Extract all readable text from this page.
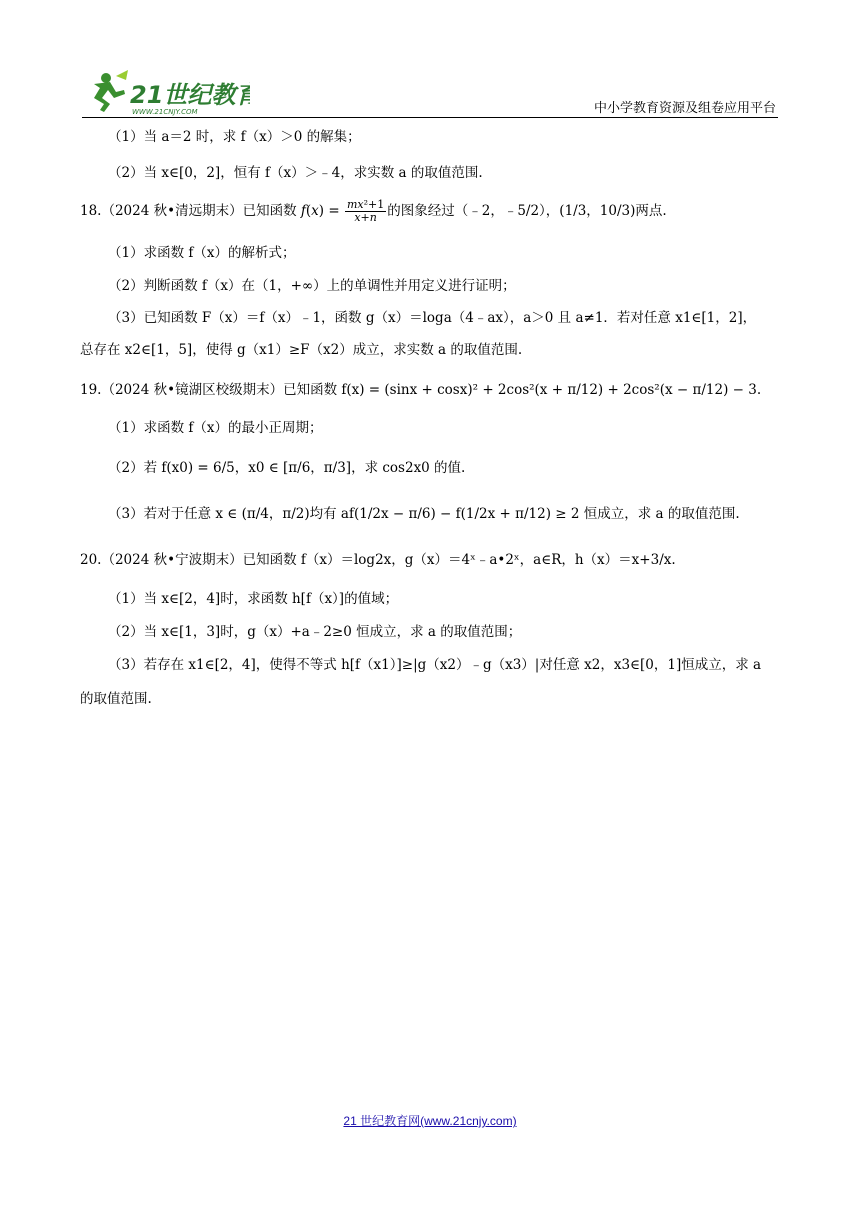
21世纪教育
WWW.21CNJY.COM	中小学教育资源及组卷应用平台
（1）当 a＝2 时，求 f（x）＞0 的解集；
（2）当 x∈[0，2]，恒有 f（x）＞﹣4，求实数 a 的取值范围.
18.（2024 秋•清远期末）已知函数 $f(x) = \frac{\text{mx²+1}}{x+n}$ 的图象经过（﹣2，﹣5/2），(1/3，10/3)两点.
（1）求函数 f（x）的解析式；
（2）判断函数 f（x）在（1，+∞）上的单调性并用定义进行证明；
（3）已知函数 F（x）＝f（x）﹣1，函数 g（x）＝loga（4﹣ax），a＞0 且 a≠1．若对任意 x1∈[1，2]，
总存在 x2∈[1，5]，使得 g（x1）≥F（x2）成立，求实数 a 的取值范围.
19.（2024 秋•镜湖区校级期末）已知函数 f(x) = (sinx + cosx)² + 2cos²(x + π/12) + 2cos²(x − π/12) − 3.
（1）求函数 f（x）的最小正周期；
（2）若 f(x0) = 6/5，x0 ∈ [π/6，π/3]，求 cos2x0 的值.
（3）若对于任意 x ∈ (π/4，π/2)均有 af(1/2x − π/6) − f(1/2x + π/12) ≥ 2 恒成立，求 a 的取值范围.
20.（2024 秋•宁波期末）已知函数 f（x）＝log2x，g（x）＝4ˣ﹣a•2ˣ，a∈R，h（x）＝x+3/x.
（1）当 x∈[2，4]时，求函数 h[f（x）]的值域；
（2）当 x∈[1，3]时，g（x）+a﹣2≥0 恒成立，求 a 的取值范围；
（3）若存在 x1∈[2，4]，使得不等式 h[f（x1）]≥|g（x2）﹣g（x3）|对任意 x2，x3∈[0，1]恒成立，求 a
的取值范围.
21 世纪教育网(www.21cnjy.com)
